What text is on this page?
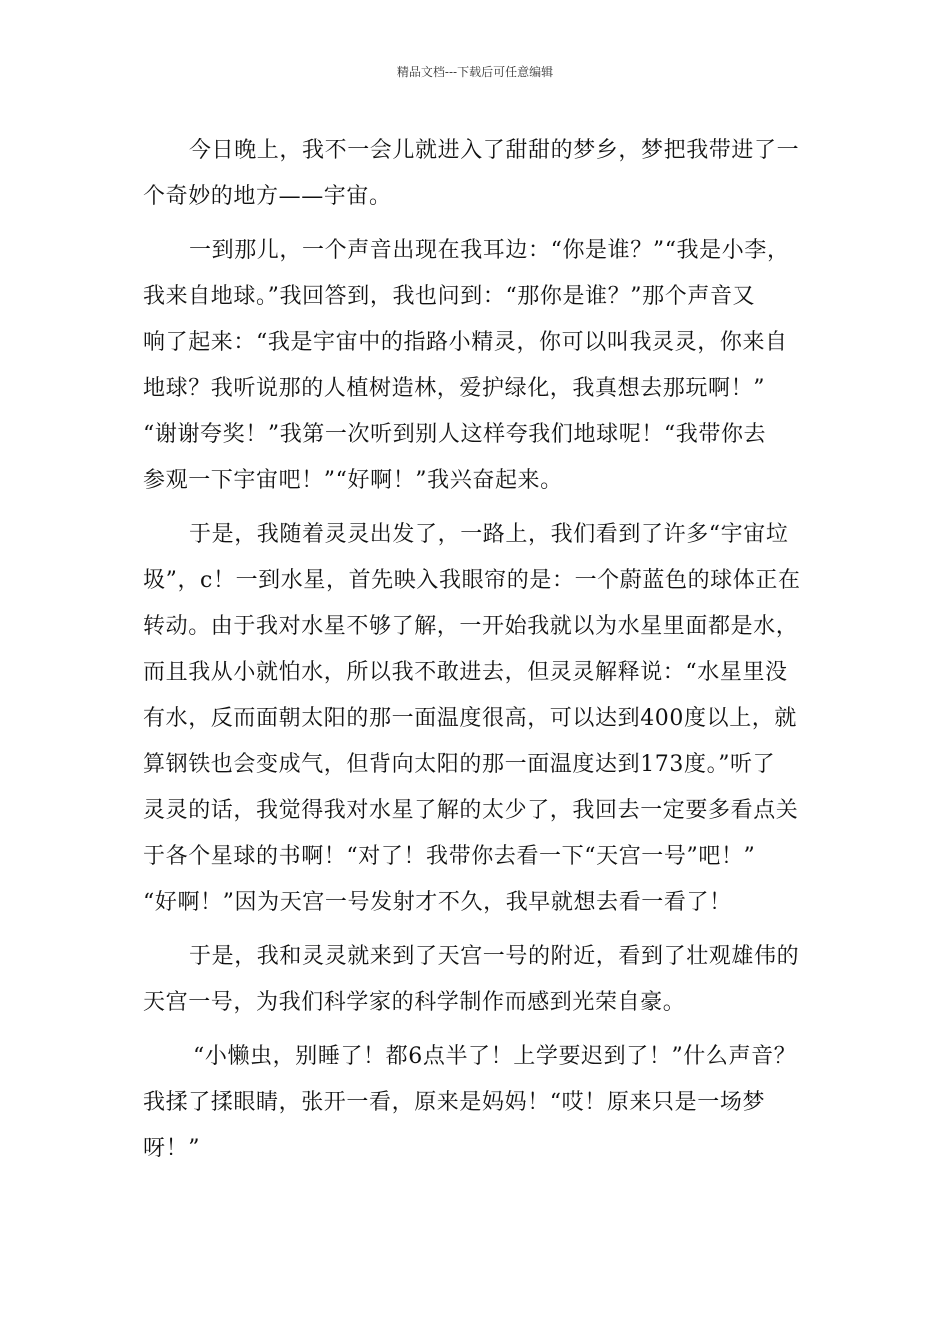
精品文档---下载后可任意编辑
今日晚上，我不一会儿就进入了甜甜的梦乡，梦把我带进了一
个奇妙的地方——宇宙。
一到那儿，一个声音出现在我耳边：“你是谁？”“我是小李，
我来自地球。”我回答到，我也问到：“那你是谁？”那个声音又
响了起来：“我是宇宙中的指路小精灵，你可以叫我灵灵，你来自
地球？我听说那的人植树造林，爱护绿化，我真想去那玩啊！”
“谢谢夸奖！”我第一次听到别人这样夸我们地球呢！“我带你去
参观一下宇宙吧！”“好啊！”我兴奋起来。
于是，我随着灵灵出发了，一路上，我们看到了许多“宇宙垃
圾”，c！一到水星，首先映入我眼帘的是：一个蔚蓝色的球体正在
转动。由于我对水星不够了解，一开始我就以为水星里面都是水，
而且我从小就怕水，所以我不敢进去，但灵灵解释说：“水星里没
有水，反而面朝太阳的那一面温度很高，可以达到400度以上，就
算钢铁也会变成气，但背向太阳的那一面温度达到173度。”听了
灵灵的话，我觉得我对水星了解的太少了，我回去一定要多看点关
于各个星球的书啊！“对了！我带你去看一下“天宫一号”吧！”
“好啊！”因为天宫一号发射才不久，我早就想去看一看了！
于是，我和灵灵就来到了天宫一号的附近，看到了壮观雄伟的
天宫一号，为我们科学家的科学制作而感到光荣自豪。
“小懒虫，别睡了！都6点半了！上学要迟到了！”什么声音？
我揉了揉眼睛，张开一看，原来是妈妈！“哎！原来只是一场梦
呀！”
